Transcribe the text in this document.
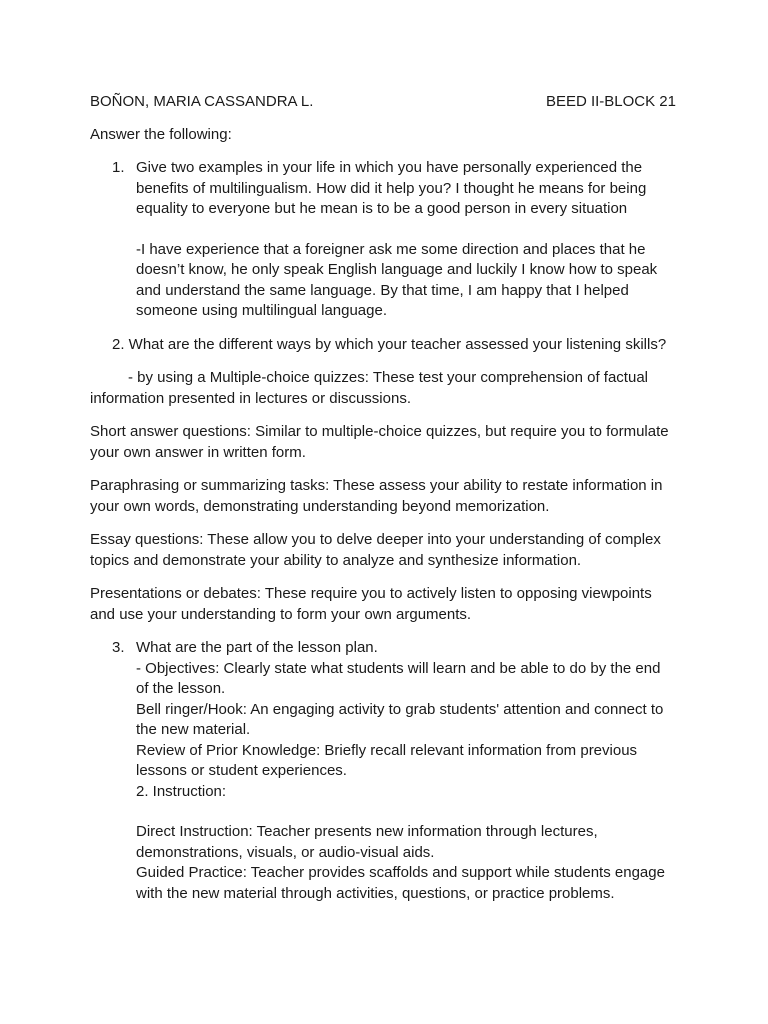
BOÑON, MARIA CASSANDRA L.	BEED II-BLOCK 21

Answer the following:

1. Give two examples in your life in which you have personally experienced the benefits of multilingualism. How did it help you? I thought he means for being equality to everyone but he mean is to be a good person in every situation
-I have experience that a foreigner ask me some direction and places that he doesn’t know, he only speak English language and luckily I know how to speak and understand the same language. By that time, I am happy that I helped someone using multilingual language.

2. What are the different ways by which your teacher assessed your listening skills?

- by using a Multiple-choice quizzes: These test your comprehension of factual information presented in lectures or discussions.

Short answer questions: Similar to multiple-choice quizzes, but require you to formulate your own answer in written form.

Paraphrasing or summarizing tasks: These assess your ability to restate information in your own words, demonstrating understanding beyond memorization.

Essay questions: These allow you to delve deeper into your understanding of complex topics and demonstrate your ability to analyze and synthesize information.

Presentations or debates: These require you to actively listen to opposing viewpoints and use your understanding to form your own arguments.

3. What are the part of the lesson plan.
- Objectives: Clearly state what students will learn and be able to do by the end of the lesson.
Bell ringer/Hook: An engaging activity to grab students' attention and connect to the new material.
Review of Prior Knowledge: Briefly recall relevant information from previous lessons or student experiences.
2. Instruction:
Direct Instruction: Teacher presents new information through lectures, demonstrations, visuals, or audio-visual aids.
Guided Practice: Teacher provides scaffolds and support while students engage with the new material through activities, questions, or practice problems.
